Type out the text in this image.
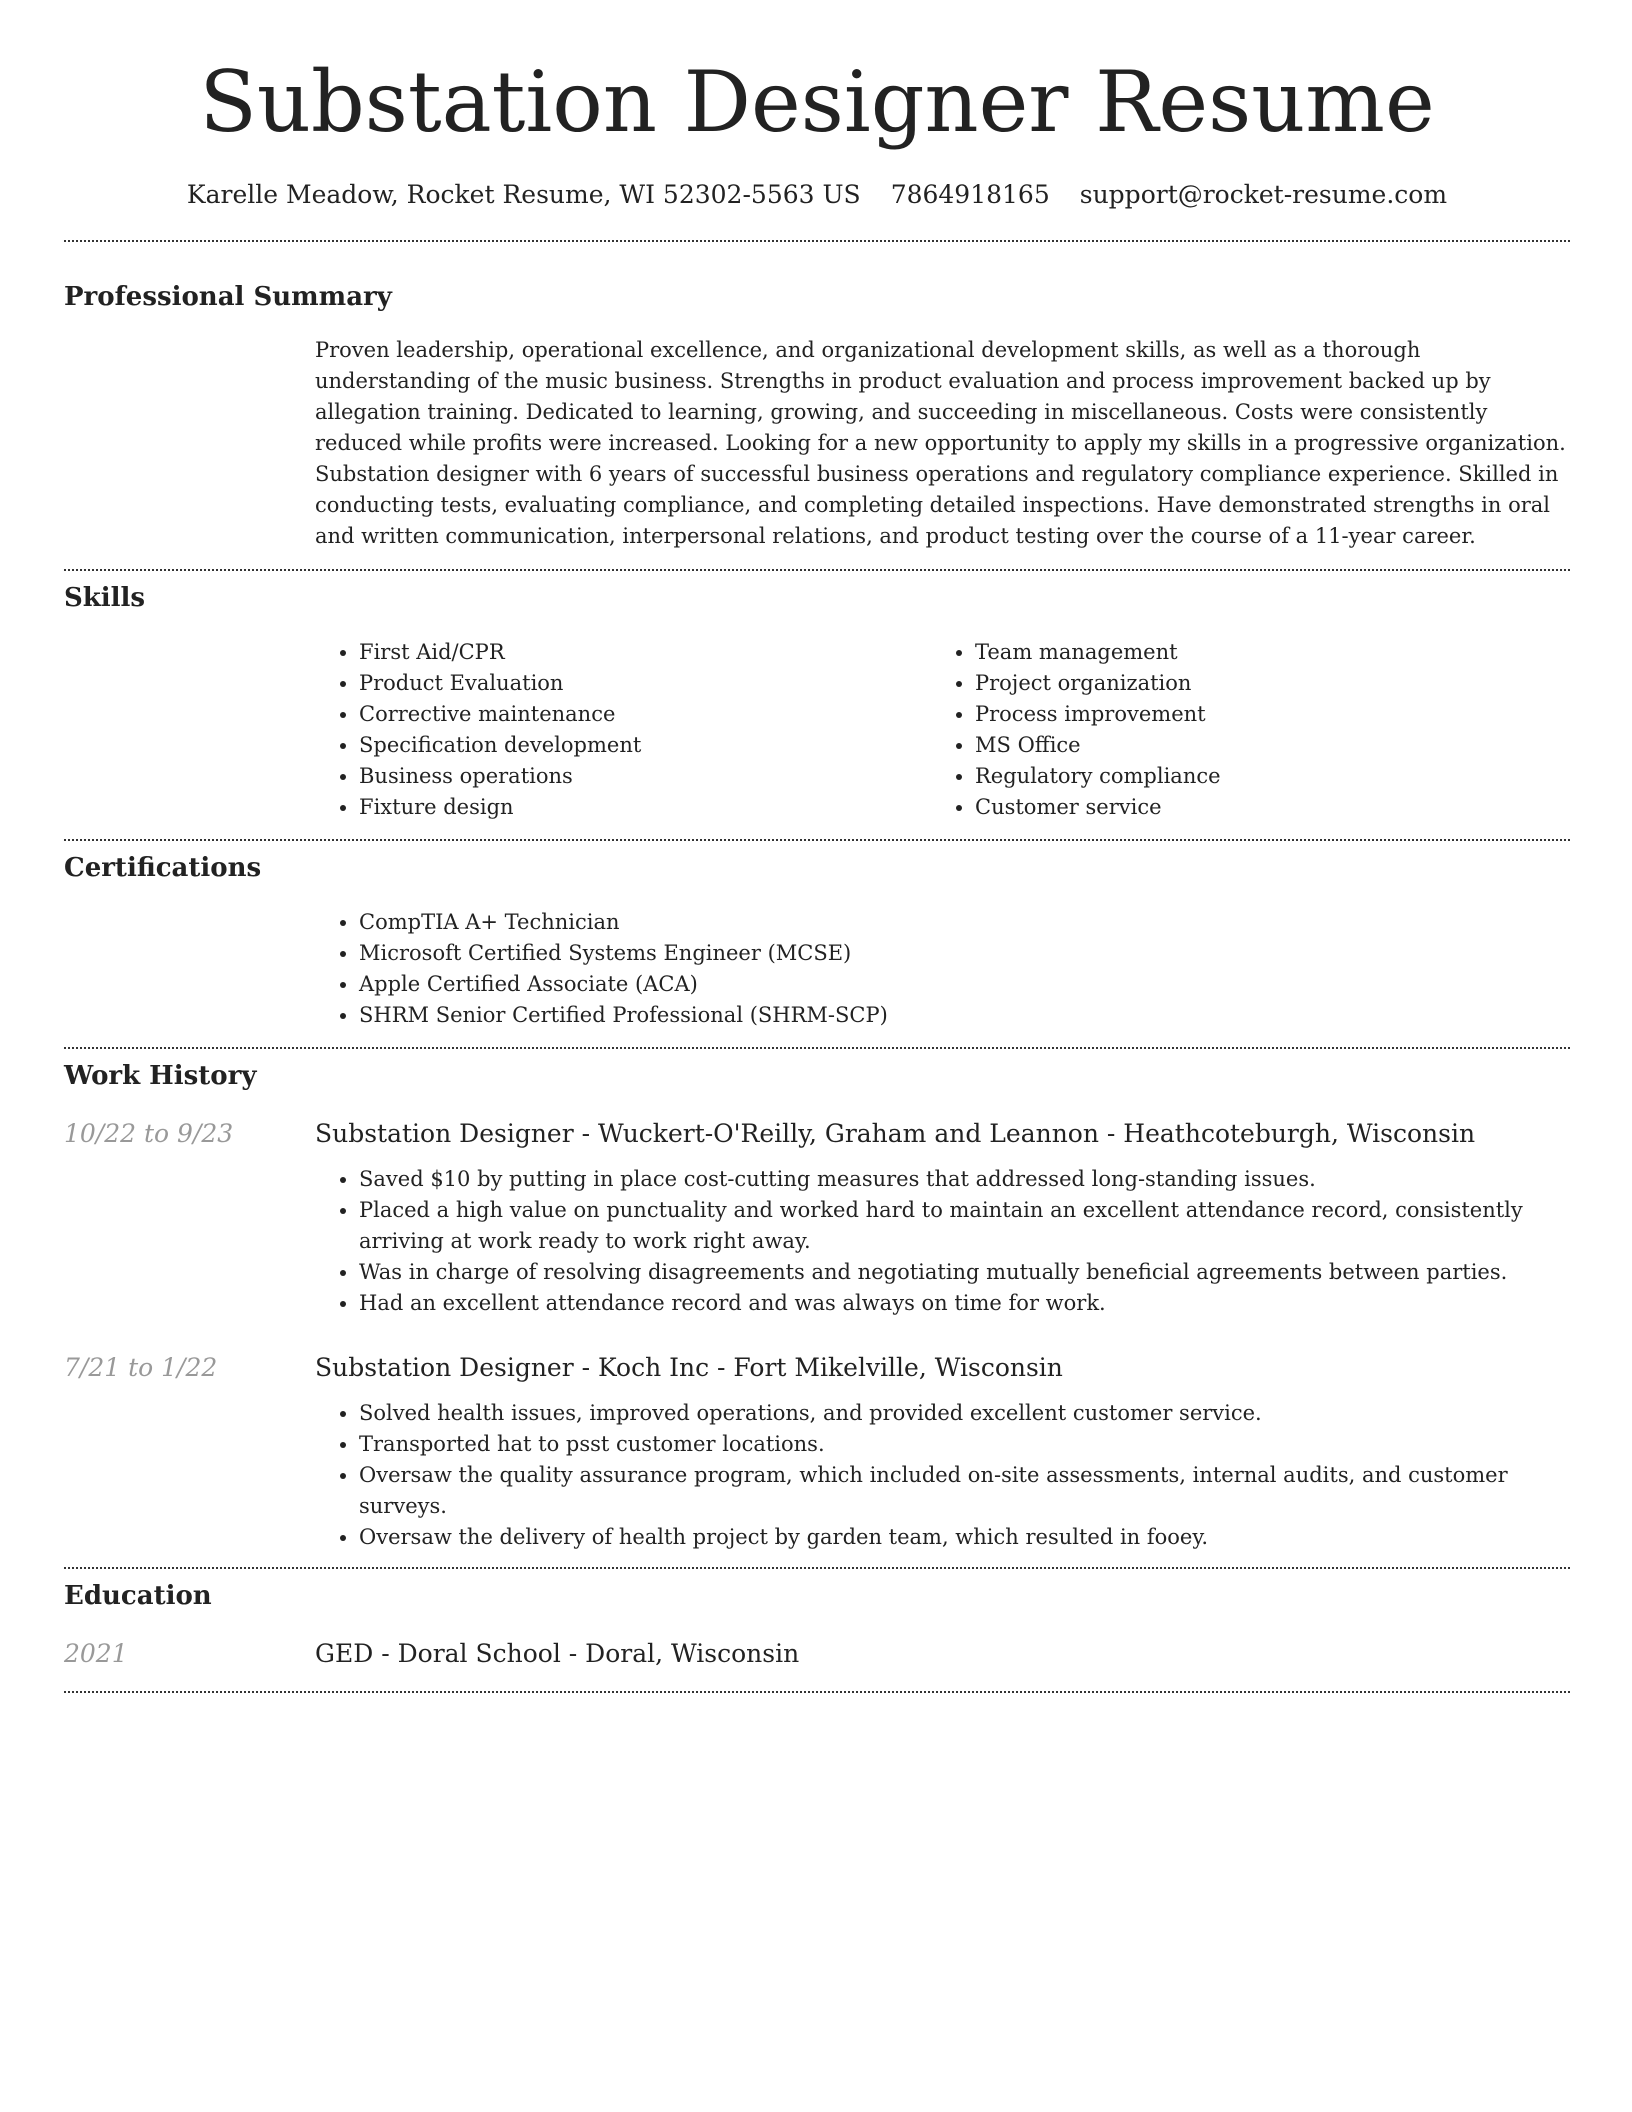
Substation Designer Resume
Karelle Meadow, Rocket Resume, WI 52302-5563 US 7864918165 support@rocket-resume.com
Professional Summary
Proven leadership, operational excellence, and organizational development skills, as well as a thorough understanding of the music business. Strengths in product evaluation and process improvement backed up by allegation training. Dedicated to learning, growing, and succeeding in miscellaneous. Costs were consistently reduced while profits were increased. Looking for a new opportunity to apply my skills in a progressive organization. Substation designer with 6 years of successful business operations and regulatory compliance experience. Skilled in conducting tests, evaluating compliance, and completing detailed inspections. Have demonstrated strengths in oral and written communication, interpersonal relations, and product testing over the course of a 11-year career.
Skills
• First Aid/CPR
• Product Evaluation
• Corrective maintenance
• Specification development
• Business operations
• Fixture design
• Team management
• Project organization
• Process improvement
• MS Office
• Regulatory compliance
• Customer service
Certifications
• CompTIA A+ Technician
• Microsoft Certified Systems Engineer (MCSE)
• Apple Certified Associate (ACA)
• SHRM Senior Certified Professional (SHRM-SCP)
Work History
10/22 to 9/23	Substation Designer - Wuckert-O'Reilly, Graham and Leannon - Heathcoteburgh, Wisconsin
• Saved $10 by putting in place cost-cutting measures that addressed long-standing issues.
• Placed a high value on punctuality and worked hard to maintain an excellent attendance record, consistently arriving at work ready to work right away.
• Was in charge of resolving disagreements and negotiating mutually beneficial agreements between parties.
• Had an excellent attendance record and was always on time for work.
7/21 to 1/22	Substation Designer - Koch Inc - Fort Mikelville, Wisconsin
• Solved health issues, improved operations, and provided excellent customer service.
• Transported hat to psst customer locations.
• Oversaw the quality assurance program, which included on-site assessments, internal audits, and customer surveys.
• Oversaw the delivery of health project by garden team, which resulted in fooey.
Education
2021	GED - Doral School - Doral, Wisconsin
